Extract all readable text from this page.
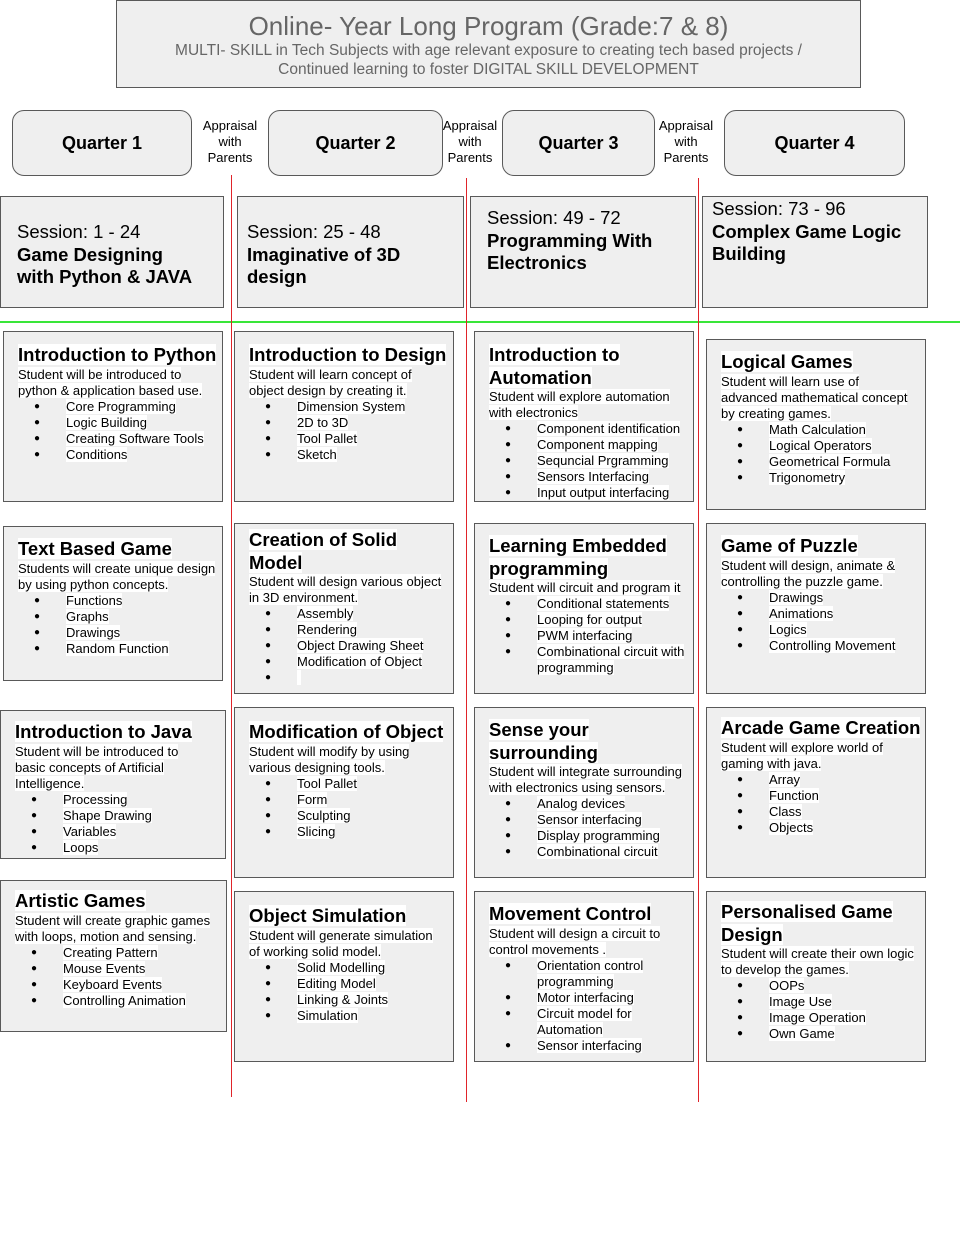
Online- Year Long Program (Grade:7 & 8)
MULTI- SKILL in Tech Subjects with age relevant exposure to creating tech based projects /
Continued learning to foster DIGITAL SKILL DEVELOPMENT
Quarter 1	Quarter 2	Quarter 3	Quarter 4
Appraisal
with
Parents
Appraisal
with
Parents
Appraisal
with
Parents
Session: 1 - 24
Game Designing
with Python & JAVA
Session: 25 - 48
Imaginative of 3D
design
Session: 49 - 72
Programming With
Electronics
Session: 73 - 96
Complex Game Logic
Building
Introduction to Python
Student will be introduced to
python & application based use.
● Core Programming
● Logic Building
● Creating Software Tools
● Conditions
Text Based Game
Students will create unique design
by using python concepts.
● Functions
● Graphs
● Drawings
● Random Function
Introduction to Java
Student will be introduced to
basic concepts of Artificial
Intelligence.
● Processing
● Shape Drawing
● Variables
● Loops
Artistic Games
Student will create graphic games
with loops, motion and sensing.
● Creating Pattern
● Mouse Events
● Keyboard Events
● Controlling Animation
Introduction to Design
Student will learn concept of
object design by creating it.
● Dimension System
● 2D to 3D
● Tool Pallet
● Sketch
Creation of Solid
Model
Student will design various object
in 3D environment.
● Assembly
● Rendering
● Object Drawing Sheet
● Modification of Object
●
Modification of Object
Student will modify by using
various designing tools.
● Tool Pallet
● Form
● Sculpting
● Slicing
Object Simulation
Student will generate simulation
of working solid model.
● Solid Modelling
● Editing Model
● Linking & Joints
● Simulation
Introduction to
Automation
Student will explore automation
with electronics
● Component identification
● Component mapping
● Sequncial Prgramming
● Sensors Interfacing
● Input output interfacing
Learning Embedded
programming
Student will circuit and program it
● Conditional statements
● Looping for output
● PWM interfacing
● Combinational circuit with
programming
Sense your
surrounding
Student will integrate surrounding
with electronics using sensors.
● Analog devices
● Sensor interfacing
● Display programming
● Combinational circuit
Movement Control
Student will design a circuit to
control movements .
● Orientation control
programming
● Motor interfacing
● Circuit model for
Automation
● Sensor interfacing
Logical Games
Student will learn use of
advanced mathematical concept
by creating games.
● Math Calculation
● Logical Operators
● Geometrical Formula
● Trigonometry
Game of Puzzle
Student will design, animate &
controlling the puzzle game.
● Drawings
● Animations
● Logics
● Controlling Movement
Arcade Game Creation
Student will explore world of
gaming with java.
● Array
● Function
● Class
● Objects
Personalised Game
Design
Student will create their own logic
to develop the games.
● OOPs
● Image Use
● Image Operation
● Own Game
